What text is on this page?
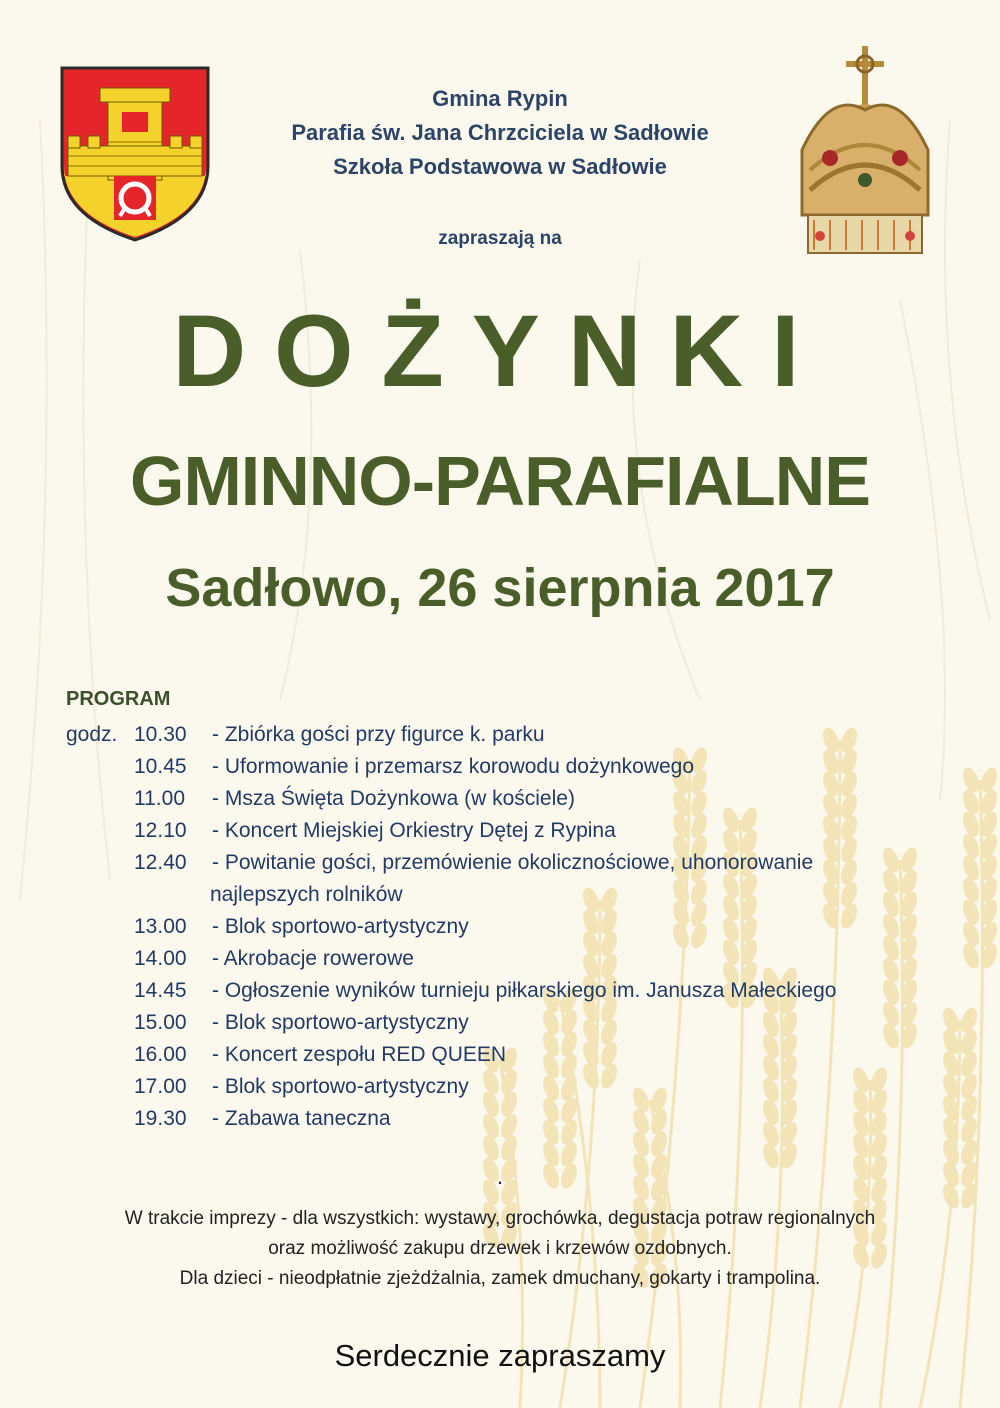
Gmina Rypin
Parafia św. Jana Chrzciciela w Sadłowie
Szkoła Podstawowa w Sadłowie
zapraszają na
DOŻYNKI
GMINNO-PARAFIALNE
Sadłowo, 26 sierpnia 2017
PROGRAM
godz. 10.30 - Zbiórka gości przy figurce k. parku
10.45 - Uformowanie i przemarsz korowodu dożynkowego
11.00 - Msza Święta Dożynkowa (w kościele)
12.10 - Koncert Miejskiej Orkiestry Dętej z Rypina
12.40 - Powitanie gości, przemówienie okolicznościowe, uhonorowanie
najlepszych rolników
13.00 - Blok sportowo-artystyczny
14.00 - Akrobacje rowerowe
14.45 - Ogłoszenie wyników turnieju piłkarskiego im. Janusza Małeckiego
15.00 - Blok sportowo-artystyczny
16.00 - Koncert zespołu RED QUEEN
17.00 - Blok sportowo-artystyczny
19.30 - Zabawa taneczna
.
W trakcie imprezy - dla wszystkich: wystawy, grochówka, degustacja potraw regionalnych
oraz możliwość zakupu drzewek i krzewów ozdobnych.
Dla dzieci - nieodpłatnie zjeżdżalnia, zamek dmuchany, gokarty i trampolina.
Serdecznie zapraszamy
